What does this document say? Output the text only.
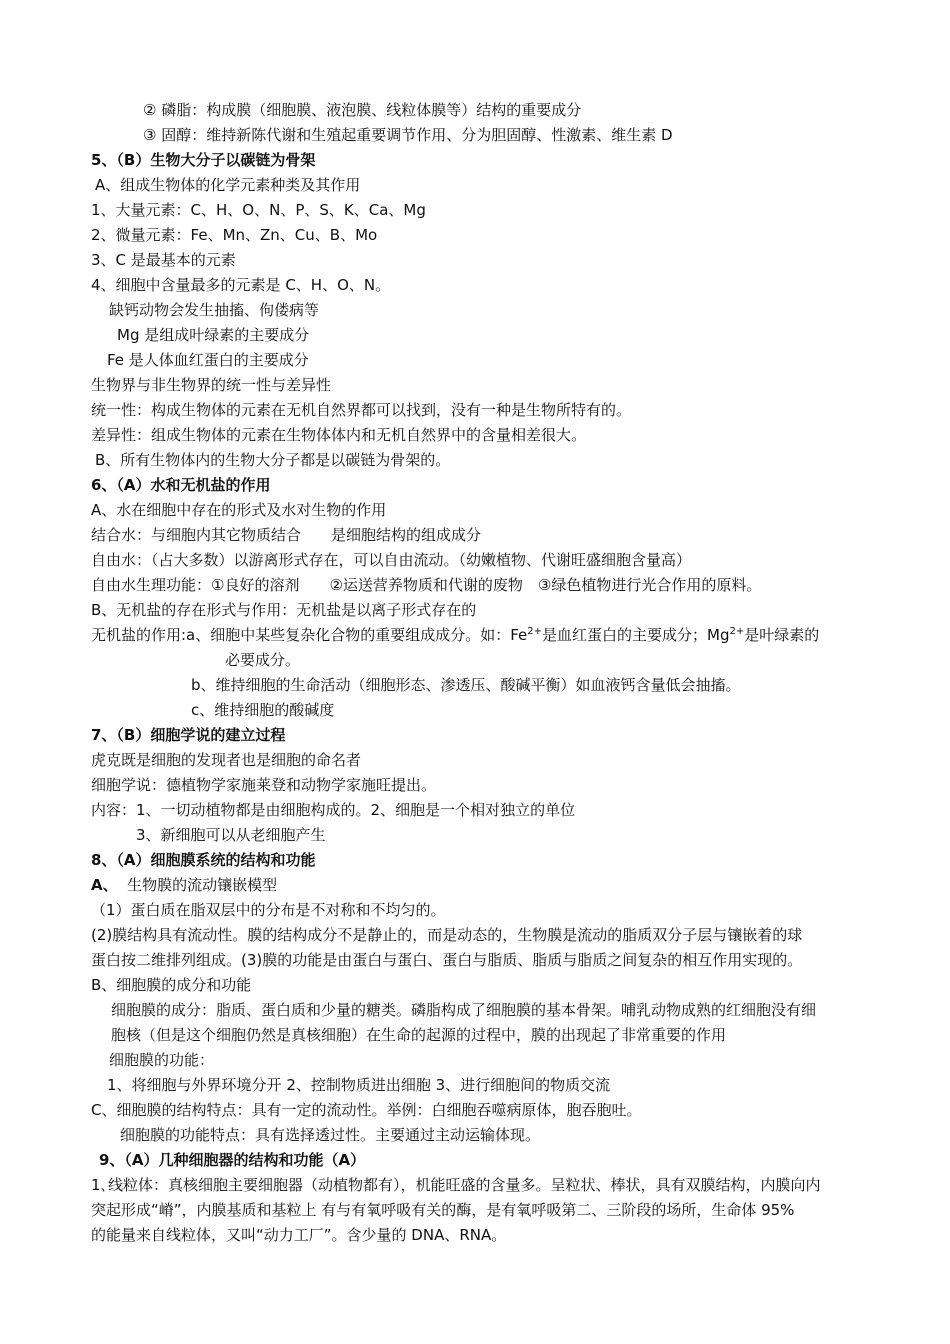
② 磷脂：构成膜（细胞膜、液泡膜、线粒体膜等）结构的重要成分
③ 固醇：维持新陈代谢和生殖起重要调节作用、分为胆固醇、性激素、维生素 D
5、（B）生物大分子以碳链为骨架
A、组成生物体的化学元素种类及其作用
1、大量元素：C、H、O、N、P、S、K、Ca、Mg
2、微量元素：Fe、Mn、Zn、Cu、B、Mo
3、C 是最基本的元素
4、细胞中含量最多的元素是 C、H、O、N。
缺钙动物会发生抽搐、佝偻病等
Mg 是组成叶绿素的主要成分
Fe 是人体血红蛋白的主要成分
生物界与非生物界的统一性与差异性
统一性：构成生物体的元素在无机自然界都可以找到，没有一种是生物所特有的。
差异性：组成生物体的元素在生物体体内和无机自然界中的含量相差很大。
B、所有生物体内的生物大分子都是以碳链为骨架的。
6、（A）水和无机盐的作用
A、水在细胞中存在的形式及水对生物的作用
结合水：与细胞内其它物质结合　　是细胞结构的组成成分
自由水：（占大多数）以游离形式存在，可以自由流动。（幼嫩植物、代谢旺盛细胞含量高）
自由水生理功能：①良好的溶剂　　②运送营养物质和代谢的废物　③绿色植物进行光合作用的原料。
B、无机盐的存在形式与作用：无机盐是以离子形式存在的
无机盐的作用:a、细胞中某些复杂化合物的重要组成成分。如：$Fe^{2+}$是血红蛋白的主要成分；$Mg^{2+}$是叶绿素的
必要成分。
b、维持细胞的生命活动（细胞形态、渗透压、酸碱平衡）如血液钙含量低会抽搐。
c、维持细胞的酸碱度
7、（B）细胞学说的建立过程
虎克既是细胞的发现者也是细胞的命名者
细胞学说：德植物学家施莱登和动物学家施旺提出。
内容：1、一切动植物都是由细胞构成的。2、细胞是一个相对独立的单位
3、新细胞可以从老细胞产生
8、（A）细胞膜系统的结构和功能
A、 生物膜的流动镶嵌模型
（1）蛋白质在脂双层中的分布是不对称和不均匀的。
(2)膜结构具有流动性。膜的结构成分不是静止的，而是动态的，生物膜是流动的脂质双分子层与镶嵌着的球
蛋白按二维排列组成。(3)膜的功能是由蛋白与蛋白、蛋白与脂质、脂质与脂质之间复杂的相互作用实现的。
B、细胞膜的成分和功能
细胞膜的成分：脂质、蛋白质和少量的糖类。磷脂构成了细胞膜的基本骨架。哺乳动物成熟的红细胞没有细
胞核（但是这个细胞仍然是真核细胞）在生命的起源的过程中，膜的出现起了非常重要的作用
细胞膜的功能：
1、将细胞与外界环境分开 2、控制物质进出细胞 3、进行细胞间的物质交流
C、细胞膜的结构特点：具有一定的流动性。举例：白细胞吞噬病原体，胞吞胞吐。
细胞膜的功能特点：具有选择透过性。主要通过主动运输体现。
9、（A）几种细胞器的结构和功能（A）
1､线粒体：真核细胞主要细胞器（动植物都有），机能旺盛的含量多。呈粒状、棒状，具有双膜结构，内膜向内
突起形成“嵴”，内膜基质和基粒上 有与有氧呼吸有关的酶，是有氧呼吸第二、三阶段的场所，生命体 95%
的能量来自线粒体，又叫“动力工厂”。含少量的 DNA、RNA。
